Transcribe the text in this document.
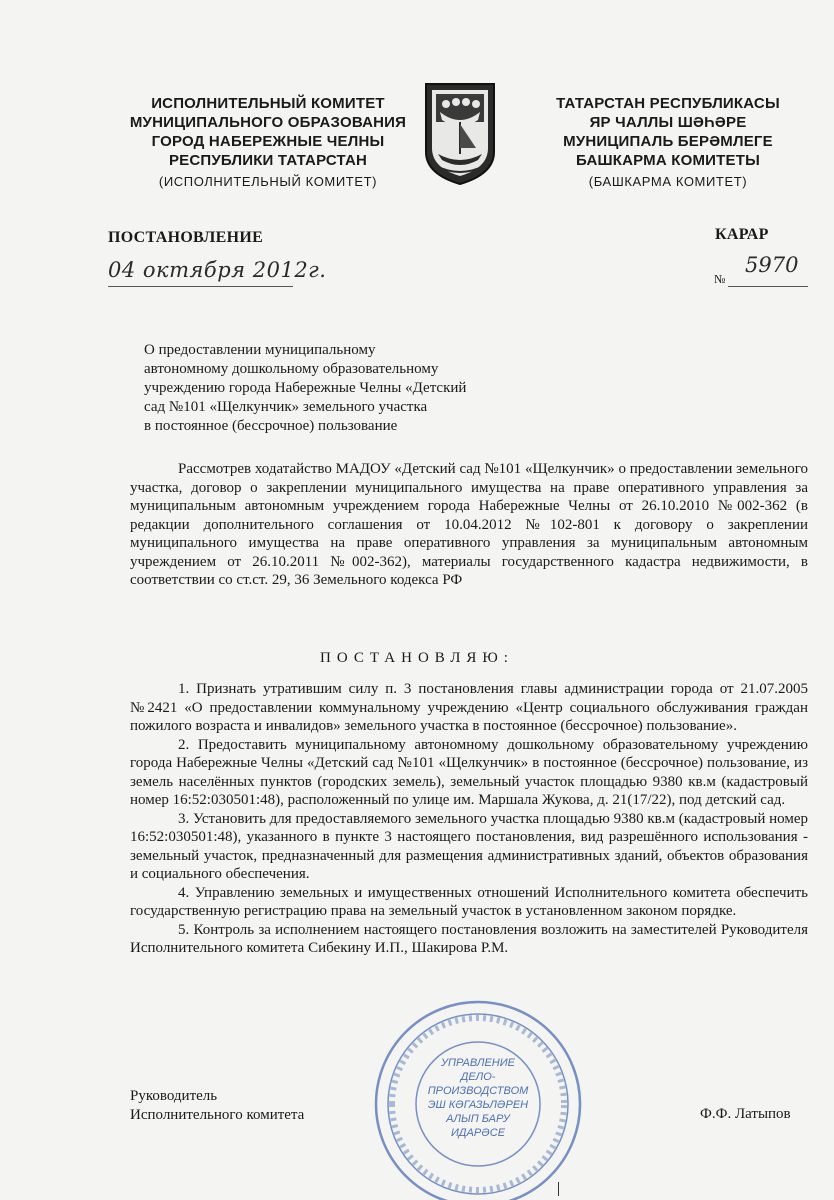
ИСПОЛНИТЕЛЬНЫЙ КОМИТЕТ
МУНИЦИПАЛЬНОГО ОБРАЗОВАНИЯ
ГОРОД НАБЕРЕЖНЫЕ ЧЕЛНЫ
РЕСПУБЛИКИ ТАТАРСТАН
(ИСПОЛНИТЕЛЬНЫЙ КОМИТЕТ)
ТАТАРСТАН РЕСПУБЛИКАСЫ
ЯР ЧАЛЛЫ ШӘҺӘРЕ
МУНИЦИПАЛЬ БЕРӘМЛЕГЕ
БАШКАРМА КОМИТЕТЫ
(БАШКАРМА КОМИТЕТ)
ПОСТАНОВЛЕНИЕ	КАРАР
04 октября 2012г.	№
5970
О предоставлении муниципальному
автономному дошкольному образовательному
учреждению города Набережные Челны «Детский
сад №101 «Щелкунчик» земельного участка
в постоянное (бессрочное) пользование

Рассмотрев ходатайство МАДОУ «Детский сад №101 «Щелкунчик» о предоставлении земельного участка, договор о закреплении муниципального имущества на праве оперативного управления за муниципальным автономным учреждением города Набережные Челны от 26.10.2010 №002-362 (в редакции дополнительного соглашения от 10.04.2012 №102-801 к договору о закреплении муниципального имущества на праве оперативного управления за муниципальным автономным учреждением от 26.10.2011 №002-362), материалы государственного кадастра недвижимости, в соответствии со ст.ст. 29, 36 Земельного кодекса РФ

ПОСТАНОВЛЯЮ:

1. Признать утратившим силу п. 3 постановления главы администрации города от 21.07.2005 №2421 «О предоставлении коммунальному учреждению «Центр социального обслуживания граждан пожилого возраста и инвалидов» земельного участка в постоянное (бессрочное) пользование».

2. Предоставить муниципальному автономному дошкольному образовательному учреждению города Набережные Челны «Детский сад №101 «Щелкунчик» в постоянное (бессрочное) пользование, из земель населённых пунктов (городских земель), земельный участок площадью 9380 кв.м (кадастровый номер 16:52:030501:48), расположенный по улице им. Маршала Жукова, д. 21(17/22), под детский сад.

3. Установить для предоставляемого земельного участка площадью 9380 кв.м (кадастровый номер 16:52:030501:48), указанного в пункте 3 настоящего постановления, вид разрешённого использования - земельный участок, предназначенный для размещения административных зданий, объектов образования и социального обеспечения.

4. Управлению земельных и имущественных отношений Исполнительного комитета обеспечить государственную регистрацию права на земельный участок в установленном законом порядке.

5. Контроль за исполнением настоящего постановления возложить на заместителей Руководителя Исполнительного комитета Сибекину И.П., Шакирова Р.М.

УПРАВЛЕНИЕ
ДЕЛО-
ПРОИЗВОДСТВОМ
ЭШ КӘГАЗЬЛӘРЕН
АЛЫП БАРУ
ИДАРӘСЕ
Руководитель
Исполнительного комитета	Ф.Ф. Латыпов
